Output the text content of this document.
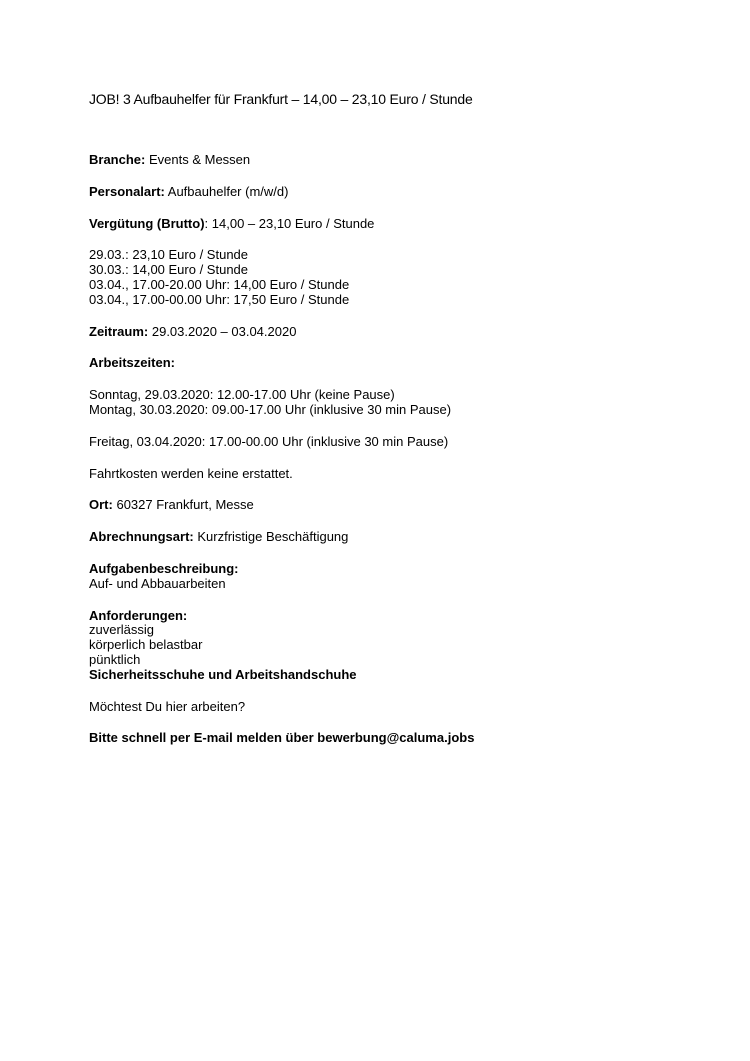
JOB! 3 Aufbauhelfer für Frankfurt – 14,00 – 23,10 Euro / Stunde

Branche: Events & Messen

Personalart: Aufbauhelfer (m/w/d)

Vergütung (Brutto): 14,00 – 23,10 Euro / Stunde

29.03.: 23,10 Euro / Stunde
30.03.: 14,00 Euro / Stunde
03.04., 17.00-20.00 Uhr: 14,00 Euro / Stunde
03.04., 17.00-00.00 Uhr: 17,50 Euro / Stunde

Zeitraum: 29.03.2020 – 03.04.2020

Arbeitszeiten:

Sonntag, 29.03.2020: 12.00-17.00 Uhr (keine Pause)
Montag, 30.03.2020: 09.00-17.00 Uhr (inklusive 30 min Pause)

Freitag, 03.04.2020: 17.00-00.00 Uhr (inklusive 30 min Pause)

Fahrtkosten werden keine erstattet.

Ort: 60327 Frankfurt, Messe

Abrechnungsart: Kurzfristige Beschäftigung

Aufgabenbeschreibung:
Auf- und Abbauarbeiten
Anforderungen:
zuverlässig
körperlich belastbar
pünktlich
Sicherheitsschuhe und Arbeitshandschuhe

Möchtest Du hier arbeiten?

Bitte schnell per E-mail melden über bewerbung@caluma.jobs
